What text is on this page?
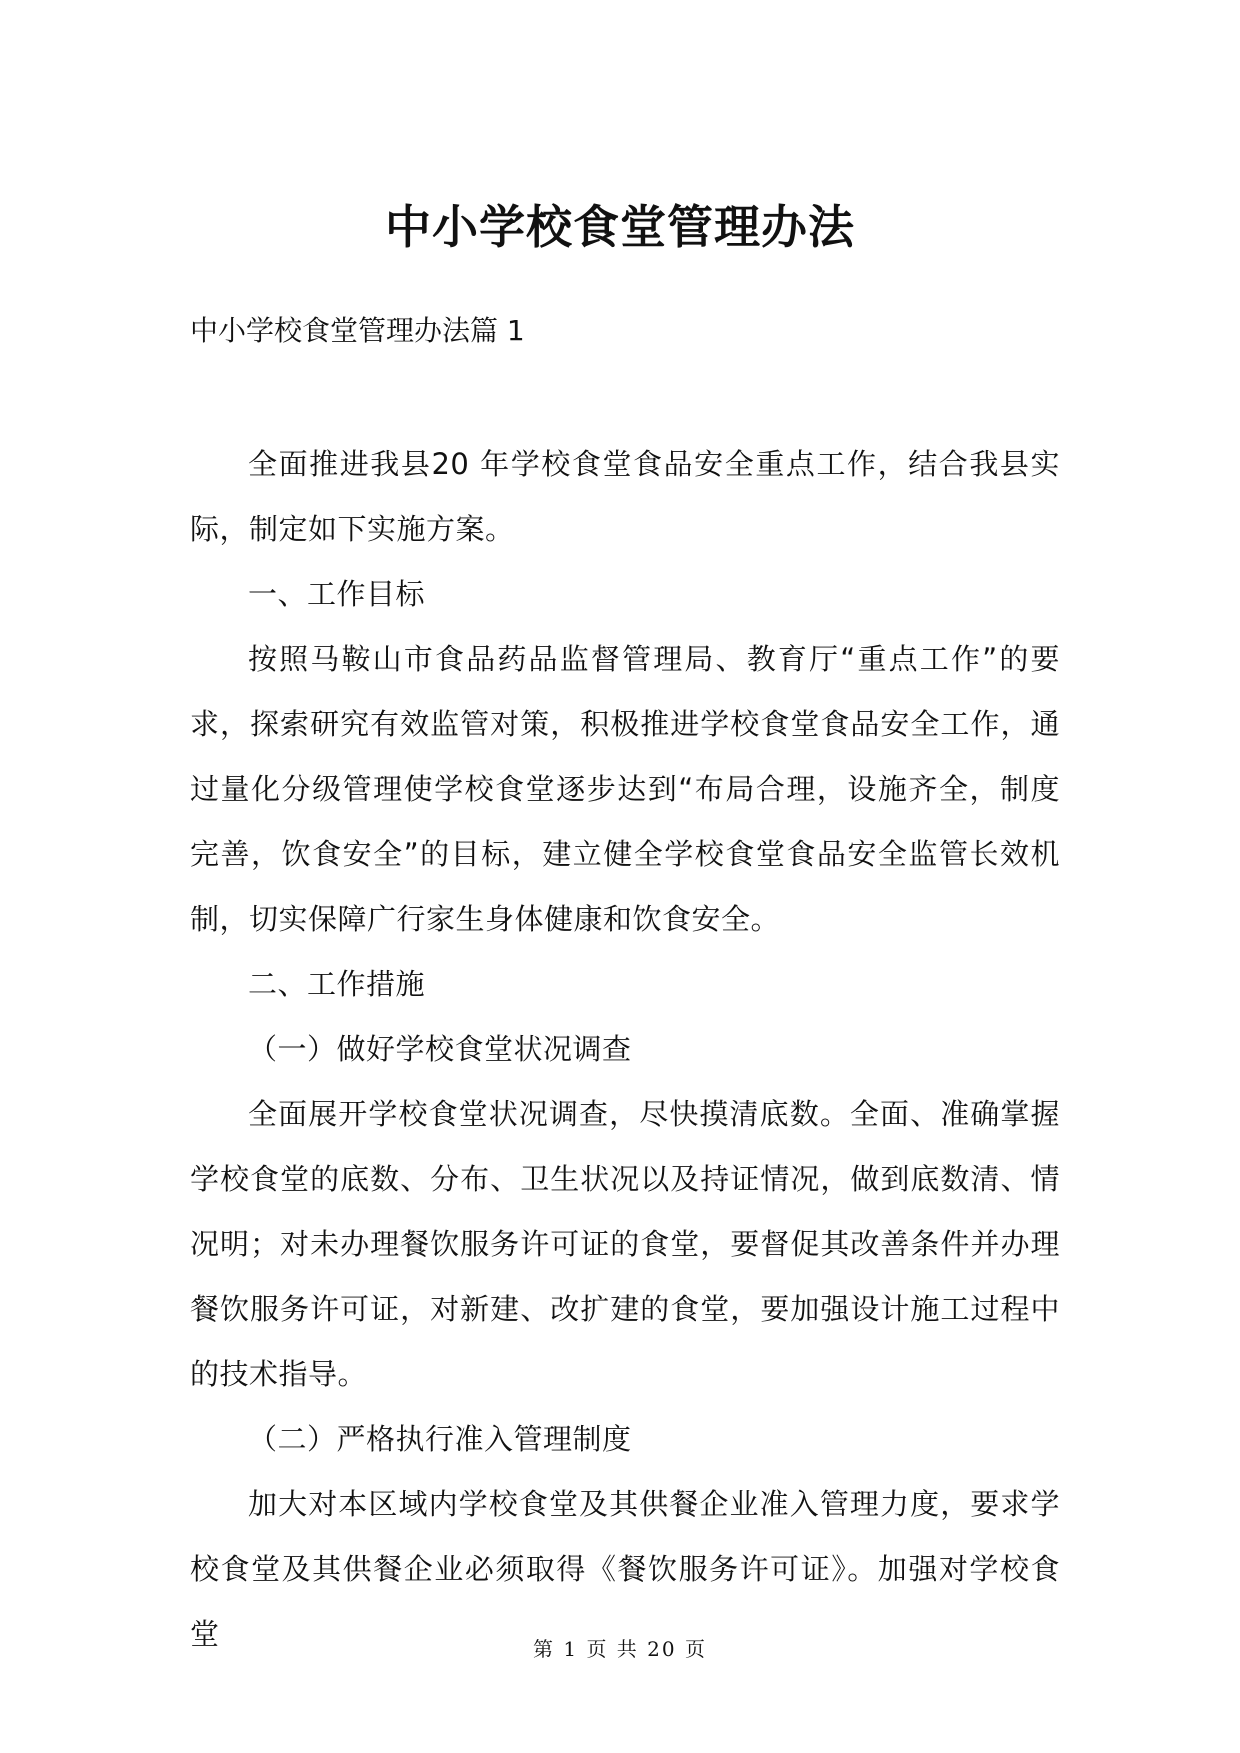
中小学校食堂管理办法
中小学校食堂管理办法篇 1

全面推进我县20 年学校食堂食品安全重点工作，结合我县实际，制定如下实施方案。

一、工作目标

按照马鞍山市食品药品监督管理局、教育厅“重点工作”的要求，探索研究有效监管对策，积极推进学校食堂食品安全工作，通过量化分级管理使学校食堂逐步达到“布局合理，设施齐全，制度完善，饮食安全”的目标，建立健全学校食堂食品安全监管长效机制，切实保障广行家生身体健康和饮食安全。

二、工作措施

（一）做好学校食堂状况调查

全面展开学校食堂状况调查，尽快摸清底数。全面、准确掌握学校食堂的底数、分布、卫生状况以及持证情况，做到底数清、情况明；对未办理餐饮服务许可证的食堂，要督促其改善条件并办理餐饮服务许可证，对新建、改扩建的食堂，要加强设计施工过程中的技术指导。

（二）严格执行准入管理制度

加大对本区域内学校食堂及其供餐企业准入管理力度，要求学校食堂及其供餐企业必须取得《餐饮服务许可证》。加强对学校食堂	第 1 页 共 20 页
